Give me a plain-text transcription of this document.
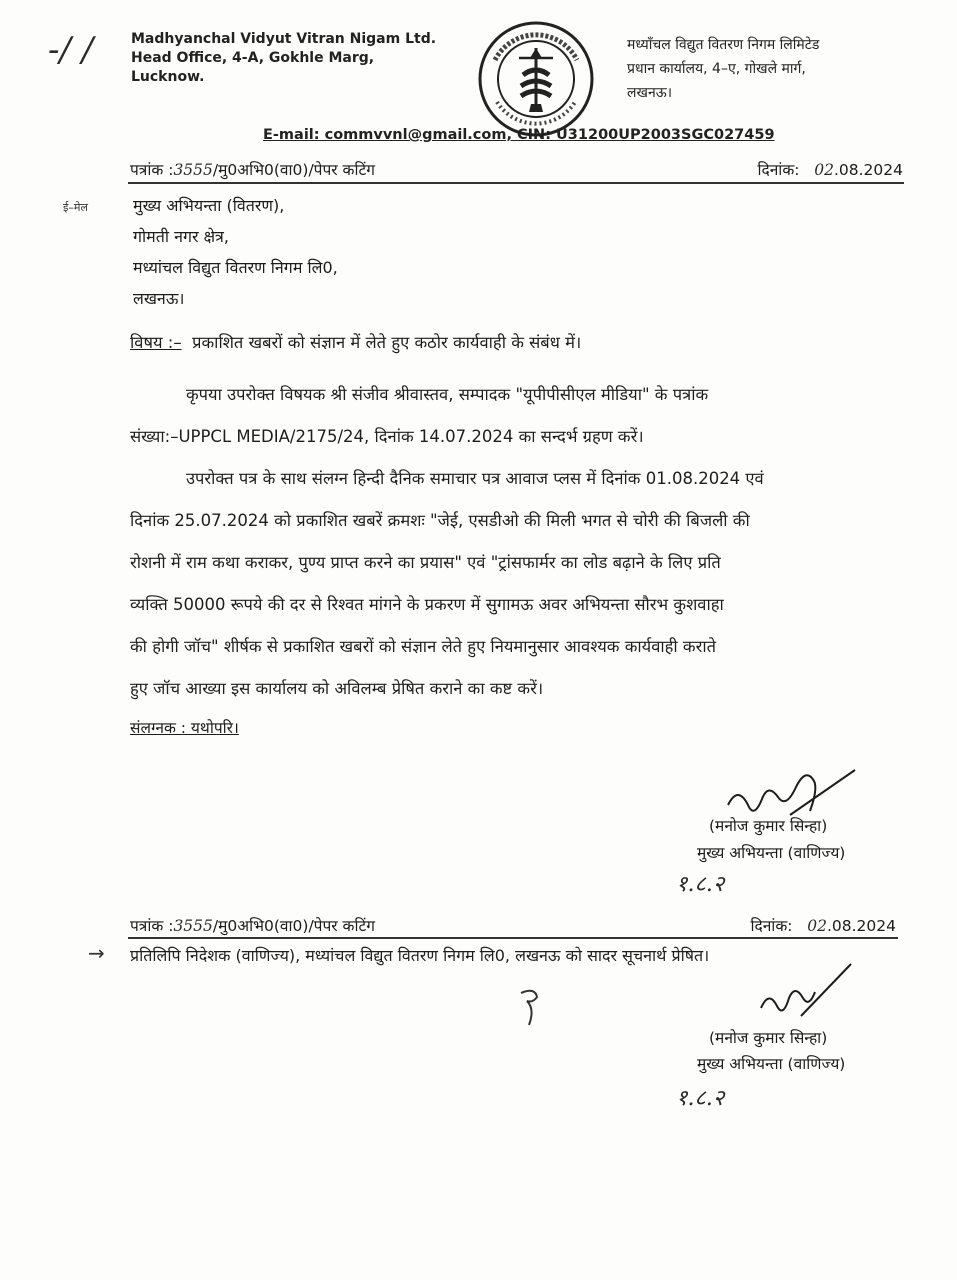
-/ /	Madhyanchal Vidyut Vitran Nigam Ltd.
Head Office, 4-A, Gokhle Marg,
Lucknow.
मध्यॉंचल विद्युत वितरण निगम लिमिटेड
प्रधान कार्यालय, 4–ए, गोखले मार्ग,
लखनऊ।
E-mail: commvvnl@gmail.com, CIN: U31200UP2003SGC027459
पत्रांक :3555/मु0अभि0(वा0)/पेपर कटिंग	दिनांक: 02.08.2024
ई–मेल	मुख्य अभियन्ता (वितरण),
गोमती नगर क्षेत्र,
मध्यांचल विद्युत वितरण निगम लि0,
लखनऊ।
विषय :– प्रकाशित खबरों को संज्ञान में लेते हुए कठोर कार्यवाही के संबंध में।
कृपया उपरोक्त विषयक श्री संजीव श्रीवास्तव, सम्पादक "यूपीपीसीएल मीडिया" के पत्रांक
संख्या:–UPPCL MEDIA/2175/24, दिनांक 14.07.2024 का सन्दर्भ ग्रहण करें।
उपरोक्त पत्र के साथ संलग्न हिन्दी दैनिक समाचार पत्र आवाज प्लस में दिनांक 01.08.2024 एवं
दिनांक 25.07.2024 को प्रकाशित खबरें क्रमशः "जेई, एसडीओ की मिली भगत से चोरी की बिजली की
रोशनी में राम कथा कराकर, पुण्य प्राप्त करने का प्रयास" एवं "ट्रांसफार्मर का लोड बढ़ाने के लिए प्रति
व्यक्ति 50000 रूपये की दर से रिश्वत मांगने के प्रकरण में सुगामऊ अवर अभियन्ता सौरभ कुशवाहा
की होगी जॉच" शीर्षक से प्रकाशित खबरों को संज्ञान लेते हुए नियमानुसार आवश्यक कार्यवाही कराते
हुए जॉच आख्या इस कार्यालय को अविलम्ब प्रेषित कराने का कष्ट करें।
संलग्नक : यथोपरि।
(मनोज कुमार सिन्हा)
मुख्य अभियन्ता (वाणिज्य)
१.८.२
पत्रांक :3555/मु0अभि0(वा0)/पेपर कटिंग	दिनांक: 02.08.2024
→ प्रतिलिपि निदेशक (वाणिज्य), मध्यांचल विद्युत वितरण निगम लि0, लखनऊ को सादर सूचनार्थ प्रेषित।
(मनोज कुमार सिन्हा)
मुख्य अभियन्ता (वाणिज्य)
१.८.२
